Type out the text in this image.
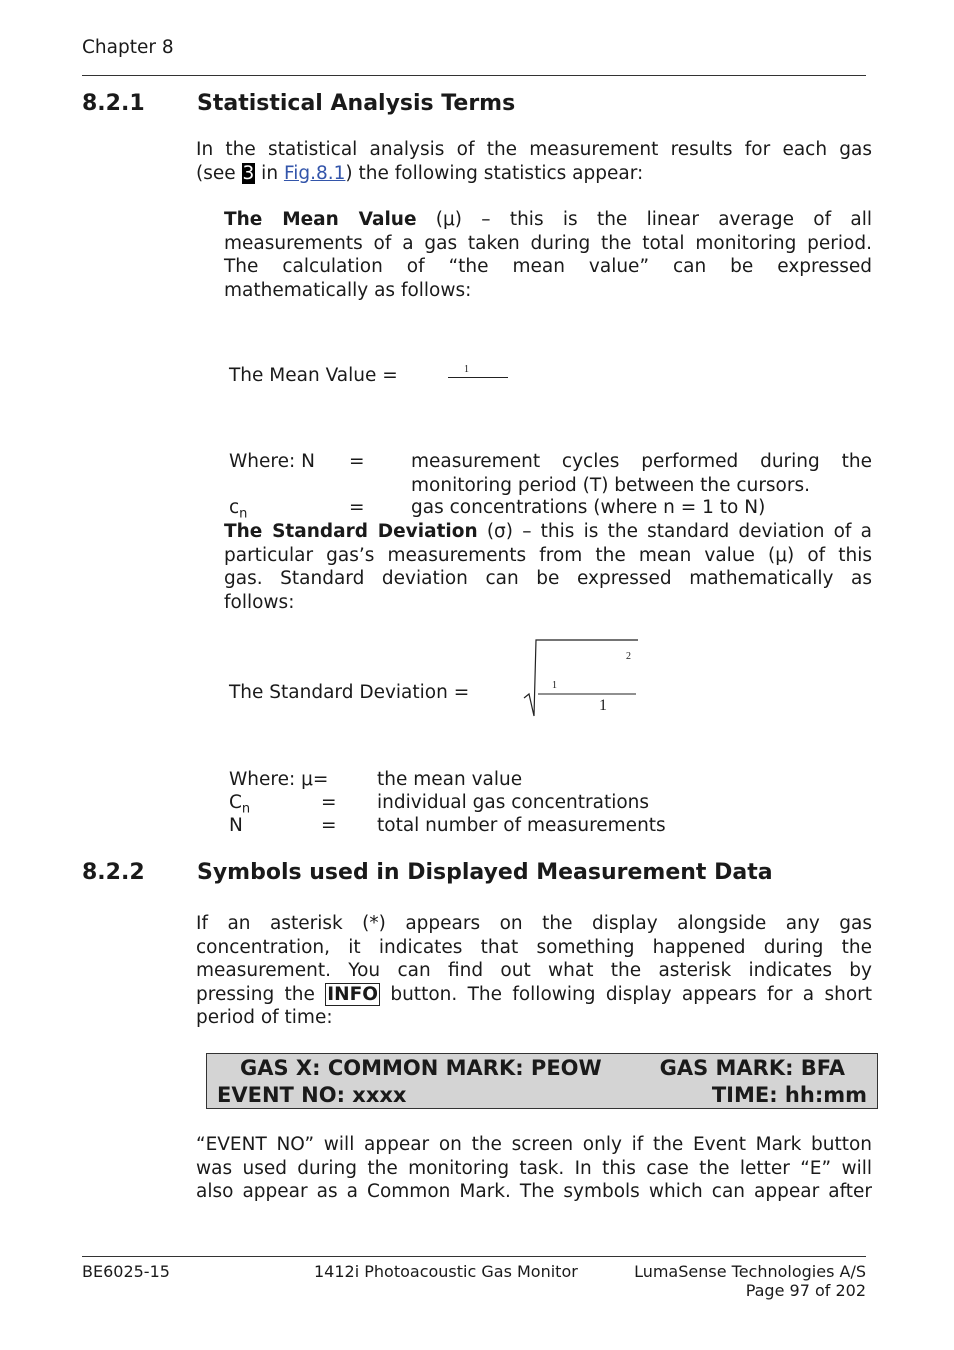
Chapter 8
8.2.1 Statistical Analysis Terms
In the statistical analysis of the measurement results for each gas
(see 3 in Fig.8.1) the following statistics appear:
The Mean Value (μ) – this is the linear average of all
measurements of a gas taken during the total monitoring period.
The calculation of “the mean value” can be expressed
mathematically as follows:
The Mean Value =	1
Where: N =	measurement cycles performed during the
monitoring period (T) between the cursors.
$c_n$	=	gas concentrations (where n = 1 to N)
The Standard Deviation (σ) – this is the standard deviation of a
particular gas’s measurements from the mean value (μ) of this
gas. Standard deviation can be expressed mathematically as
follows:
The Standard Deviation =
2
1
1
Where: μ=	the mean value
$C_n$	= individual gas concentrations
N	= total number of measurements
8.2.2 Symbols used in Displayed Measurement Data
If an asterisk (*) appears on the display alongside any gas
concentration, it indicates that something happened during the
measurement. You can find out what the asterisk indicates by
pressing the INFO button. The following display appears for a short
period of time:
GAS X: COMMON MARK: PEOW	GAS MARK: BFA
EVENT NO: xxxx	TIME: hh:mm
“EVENT NO” will appear on the screen only if the Event Mark button
was used during the monitoring task. In this case the letter “E” will
also appear as a Common Mark. The symbols which can appear after
BE6025-15	1412i Photoacoustic Gas Monitor	LumaSense Technologies A/S
Page 97 of 202
